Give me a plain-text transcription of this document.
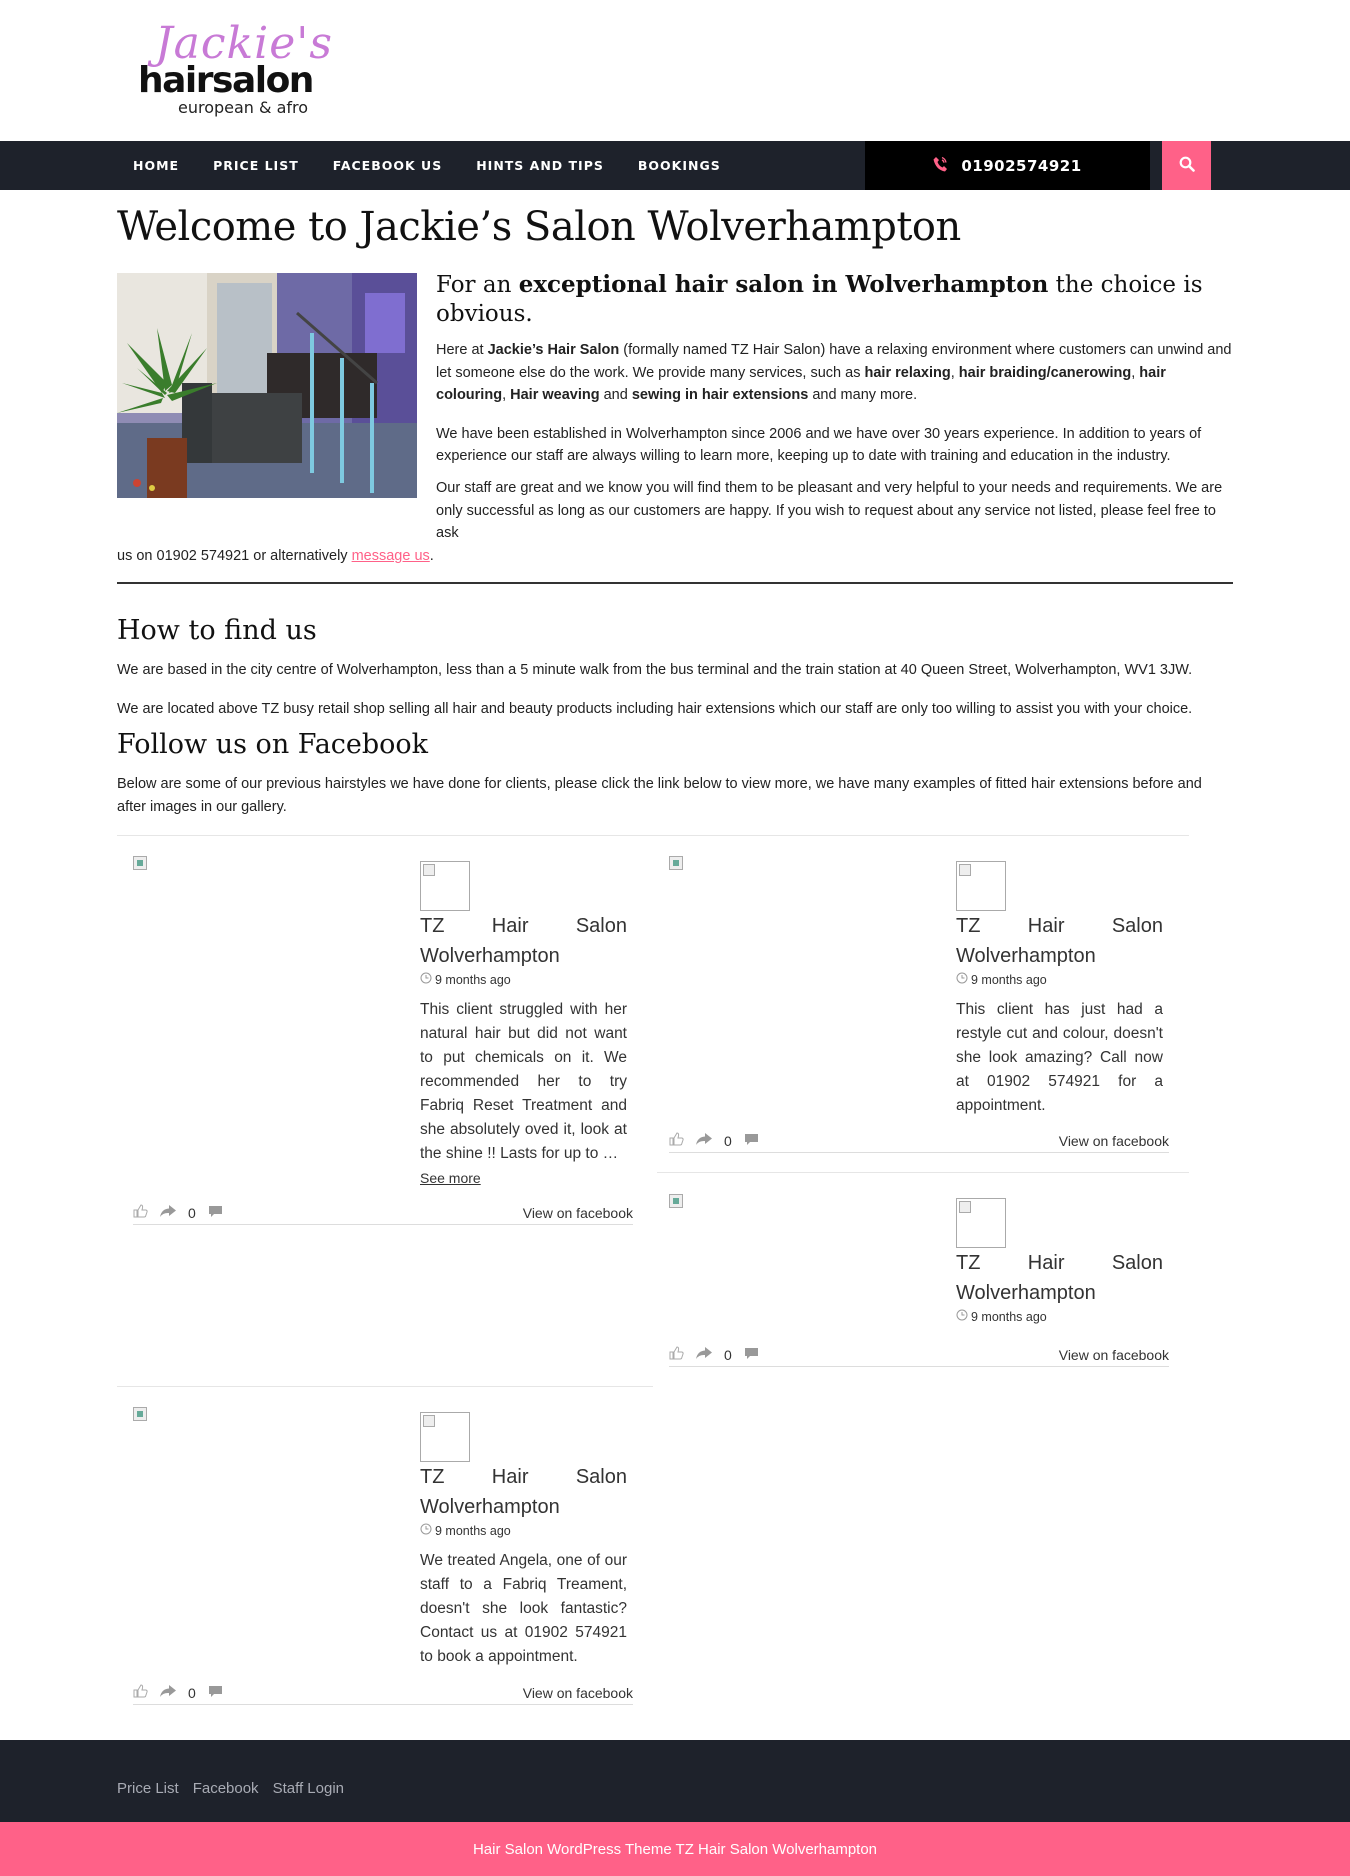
Jackie's
hairsalon
european & afro
HOME	PRICE LIST	FACEBOOK US	HINTS AND TIPS	BOOKINGS	01902574921
Welcome to Jackie’s Salon Wolverhampton
For an exceptional hair salon in Wolverhampton the choice is obvious.

Here at Jackie’s Hair Salon (formally named TZ Hair Salon) have a relaxing environment where customers can unwind and let someone else do the work. We provide many services, such as hair relaxing, hair braiding/canerowing, hair colouring, Hair weaving and sewing in hair extensions and many more.

We have been established in Wolverhampton since 2006 and we have over 30 years experience. In addition to years of experience our staff are always willing to learn more, keeping up to date with training and education in the industry.

Our staff are great and we know you will find them to be pleasant and very helpful to your needs and requirements. We are only successful as long as our customers are happy. If you wish to request about any service not listed, please feel free to ask
us on 01902 574921 or alternatively message us.

How to find us

We are based in the city centre of Wolverhampton, less than a 5 minute walk from the bus terminal and the train station at 40 Queen Street, Wolverhampton, WV1 3JW.

We are located above TZ busy retail shop selling all hair and beauty products including hair extensions which our staff are only too willing to assist you with your choice.

Follow us on Facebook

Below are some of our previous hairstyles we have done for clients, please click the link below to view more, we have many examples of fitted hair extensions before and after images in our gallery.

TZ Hair Salon
Wolverhampton
9 months ago
This client struggled with her natural hair but did not want to put chemicals on it. We recommended her to try Fabriq Reset Treatment and she absolutely oved it, look at the shine !! Lasts for up to …
See more
0	View on facebook
TZ Hair Salon
Wolverhampton
9 months ago
This client has just had a restyle cut and colour, doesn't she look amazing? Call now at 01902 574921 for a appointment.
0	View on facebook
TZ Hair Salon
Wolverhampton
9 months ago
0	View on facebook
TZ Hair Salon
Wolverhampton
9 months ago
We treated Angela, one of our staff to a Fabriq Treament, doesn't she look fantastic? Contact us at 01902 574921 to book a appointment.
0	View on facebook
Price List Facebook Staff Login
Hair Salon WordPress Theme TZ Hair Salon Wolverhampton
